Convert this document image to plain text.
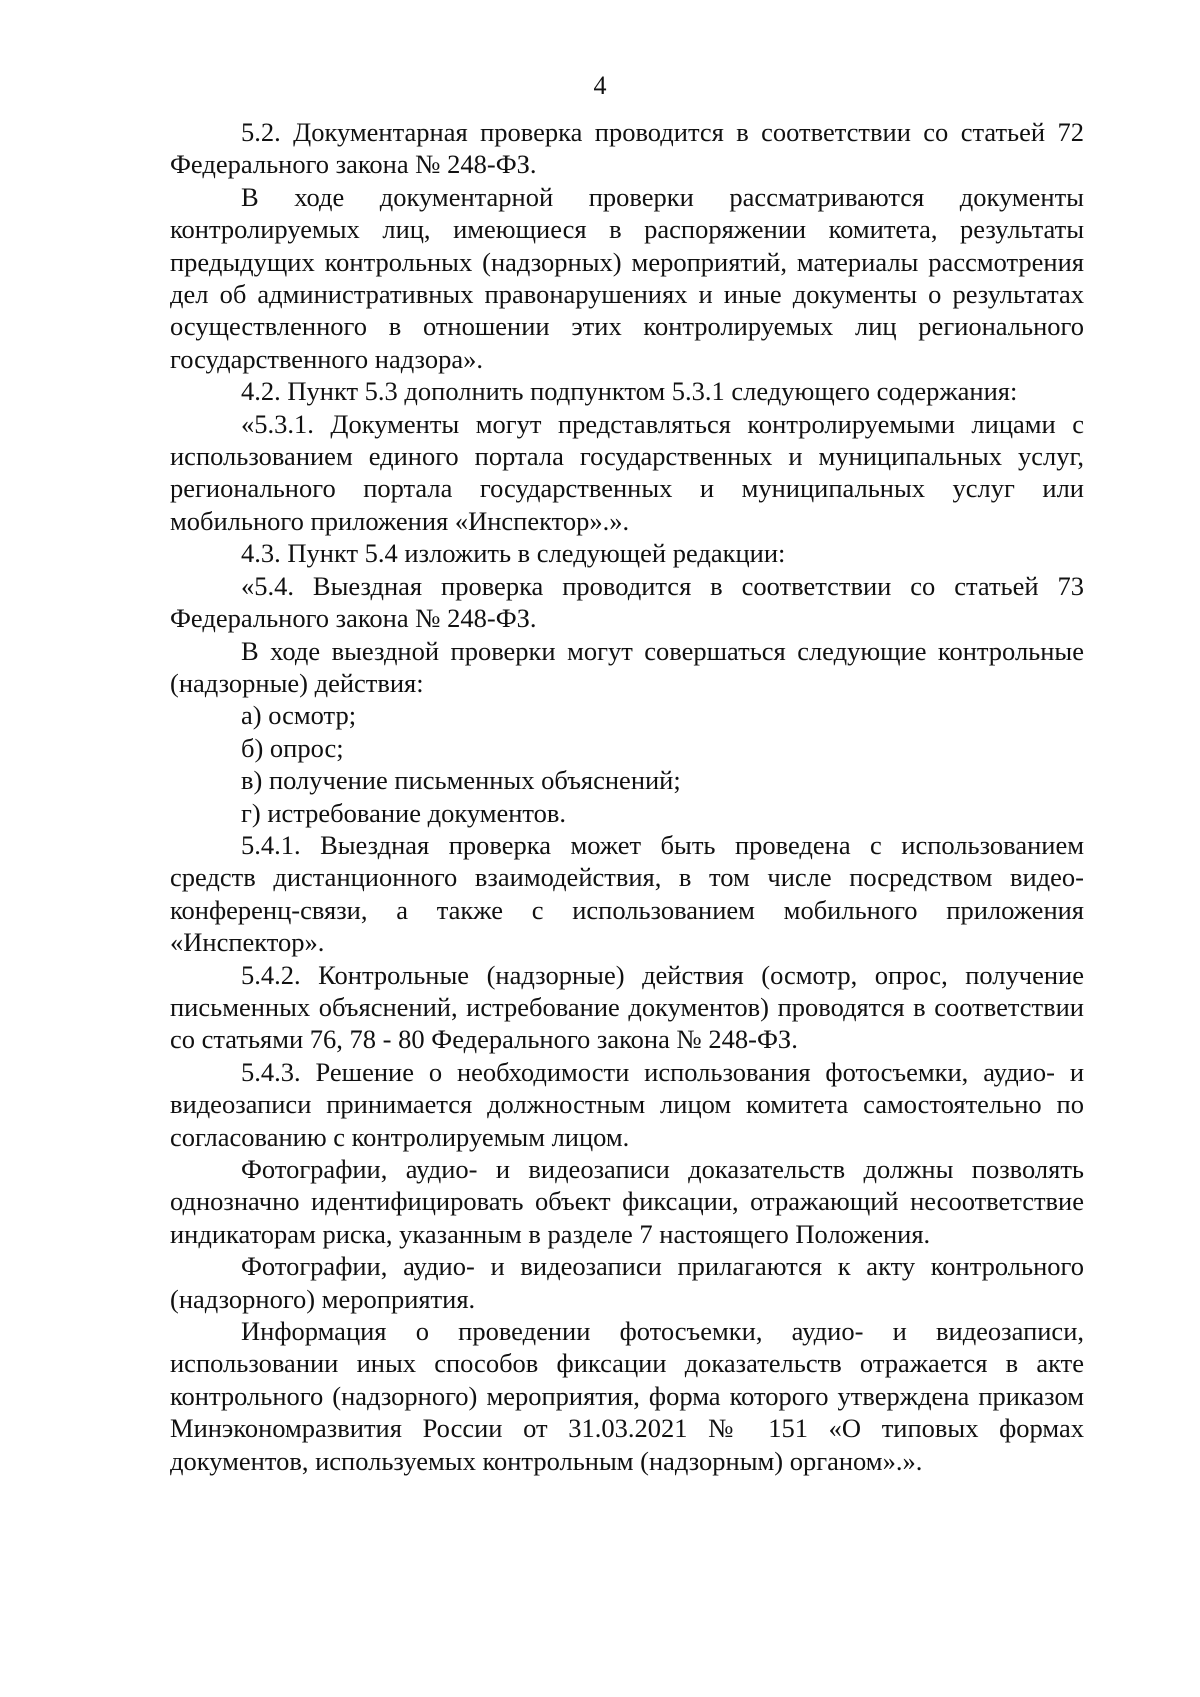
4

5.2. Документарная проверка проводится в соответствии со статьей 72 Федерального закона № 248-ФЗ.

В ходе документарной проверки рассматриваются документы контролируемых лиц, имеющиеся в распоряжении комитета, результаты предыдущих контрольных (надзорных) мероприятий, материалы рассмотрения дел об административных правонарушениях и иные документы о результатах осуществленного в отношении этих контролируемых лиц регионального государственного надзора».

4.2. Пункт 5.3 дополнить подпунктом 5.3.1 следующего содержания:

«5.3.1. Документы могут представляться контролируемыми лицами с использованием единого портала государственных и муниципальных услуг, регионального портала государственных и муниципальных услуг или мобильного приложения «Инспектор».».

4.3. Пункт 5.4 изложить в следующей редакции:

«5.4. Выездная проверка проводится в соответствии со статьей 73 Федерального закона № 248-ФЗ.

В ходе выездной проверки могут совершаться следующие контрольные (надзорные) действия:

а) осмотр;

б) опрос;

в) получение письменных объяснений;

г) истребование документов.

5.4.1. Выездная проверка может быть проведена с использованием средств дистанционного взаимодействия, в том числе посредством видео-конференц-связи, а также с использованием мобильного приложения «Инспектор».

5.4.2. Контрольные (надзорные) действия (осмотр, опрос, получение письменных объяснений, истребование документов) проводятся в соответствии со статьями 76, 78 - 80 Федерального закона № 248-ФЗ.

5.4.3. Решение о необходимости использования фотосъемки, аудио- и видеозаписи принимается должностным лицом комитета самостоятельно по согласованию с контролируемым лицом.

Фотографии, аудио- и видеозаписи доказательств должны позволять однозначно идентифицировать объект фиксации, отражающий несоответствие индикаторам риска, указанным в разделе 7 настоящего Положения.

Фотографии, аудио- и видеозаписи прилагаются к акту контрольного (надзорного) мероприятия.

Информация о проведении фотосъемки, аудио- и видеозаписи, использовании иных способов фиксации доказательств отражается в акте контрольного (надзорного) мероприятия, форма которого утверждена приказом Минэкономразвития России от 31.03.2021 № 151 «О типовых формах документов, используемых контрольным (надзорным) органом».».
